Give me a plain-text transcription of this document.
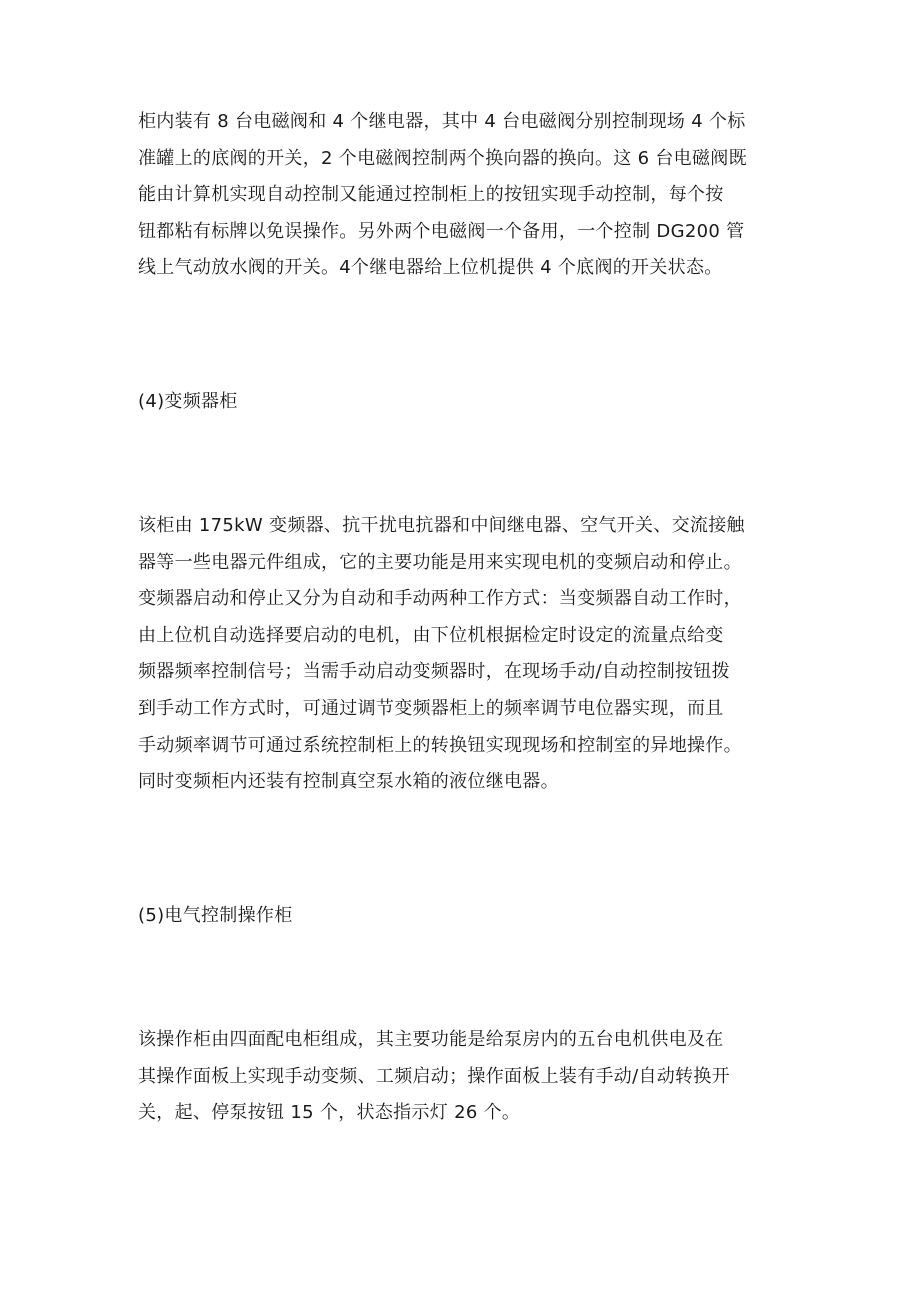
柜内装有 8 台电磁阀和 4 个继电器，其中 4 台电磁阀分别控制现场 4 个标
准罐上的底阀的开关，2 个电磁阀控制两个换向器的换向。这 6 台电磁阀既
能由计算机实现自动控制又能通过控制柜上的按钮实现手动控制，每个按
钮都粘有标牌以免误操作。另外两个电磁阀一个备用，一个控制 DG200 管
线上气动放水阀的开关。4个继电器给上位机提供 4 个底阀的开关状态。

(4)变频器柜

该柜由 175kW 变频器、抗干扰电抗器和中间继电器、空气开关、交流接触
器等一些电器元件组成，它的主要功能是用来实现电机的变频启动和停止。
变频器启动和停止又分为自动和手动两种工作方式：当变频器自动工作时，
由上位机自动选择要启动的电机，由下位机根据检定时设定的流量点给变
频器频率控制信号；当需手动启动变频器时，在现场手动/自动控制按钮拨
到手动工作方式时，可通过调节变频器柜上的频率调节电位器实现，而且
手动频率调节可通过系统控制柜上的转换钮实现现场和控制室的异地操作。
同时变频柜内还装有控制真空泵水箱的液位继电器。

(5)电气控制操作柜

该操作柜由四面配电柜组成，其主要功能是给泵房内的五台电机供电及在
其操作面板上实现手动变频、工频启动；操作面板上装有手动/自动转换开
关，起、停泵按钮 15 个，状态指示灯 26 个。
